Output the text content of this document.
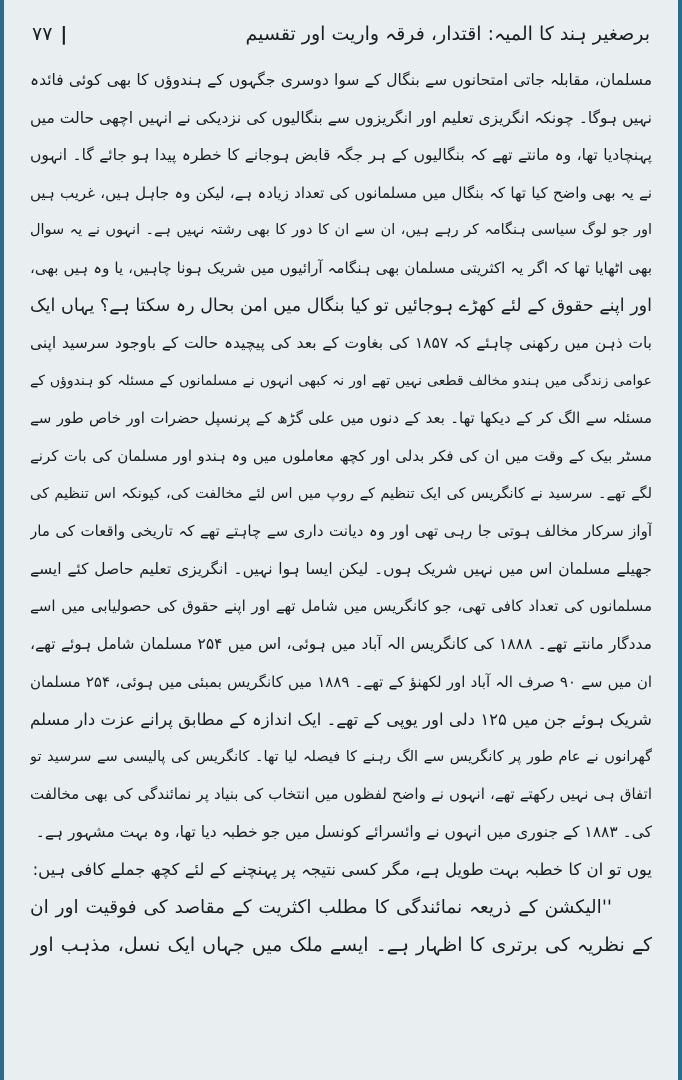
برصغیر ہند کا المیہ: اقتدار، فرقہ واریت اور تقسیم
|
۷۷
مسلمان، مقابلہ جاتی امتحانوں سے بنگال کے سوا دوسری جگہوں کے ہندوؤں کا بھی کوئی فائدہ
نہیں ہوگا۔ چونکہ انگریزی تعلیم اور انگریزوں سے بنگالیوں کی نزدیکی نے انہیں اچھی حالت میں
پہنچادیا تھا، وہ مانتے تھے کہ بنگالیوں کے ہر جگہ قابض ہوجانے کا خطرہ پیدا ہو جائے گا۔ انہوں
نے یہ بھی واضح کیا تھا کہ بنگال میں مسلمانوں کی تعداد زیادہ ہے، لیکن وہ جاہل ہیں، غریب ہیں
اور جو لوگ سیاسی ہنگامہ کر رہے ہیں، ان سے ان کا دور کا بھی رشتہ نہیں ہے۔ انہوں نے یہ سوال
بھی اٹھایا تھا کہ اگر یہ اکثریتی مسلمان بھی ہنگامہ آرائیوں میں شریک ہونا چاہیں، یا وہ ہیں بھی،
اور اپنے حقوق کے لئے کھڑے ہوجائیں تو کیا بنگال میں امن بحال رہ سکتا ہے؟ یہاں ایک
بات ذہن میں رکھنی چاہئے کہ ۱۸۵۷ کی بغاوت کے بعد کی پیچیدہ حالت کے باوجود سرسید اپنی
عوامی زندگی میں ہندو مخالف قطعی نہیں تھے اور نہ کبھی انہوں نے مسلمانوں کے مسئلہ کو ہندوؤں کے
مسئلہ سے الگ کر کے دیکھا تھا۔ بعد کے دنوں میں علی گڑھ کے پرنسپل حضرات اور خاص طور سے
مسٹر بیک کے وقت میں ان کی فکر بدلی اور کچھ معاملوں میں وہ ہندو اور مسلمان کی بات کرنے
لگے تھے۔ سرسید نے کانگریس کی ایک تنظیم کے روپ میں اس لئے مخالفت کی، کیونکہ اس تنظیم کی
آواز سرکار مخالف ہوتی جا رہی تھی اور وہ دیانت داری سے چاہتے تھے کہ تاریخی واقعات کی مار
جھیلے مسلمان اس میں نہیں شریک ہوں۔ لیکن ایسا ہوا نہیں۔ انگریزی تعلیم حاصل کئے ایسے
مسلمانوں کی تعداد کافی تھی، جو کانگریس میں شامل تھے اور اپنے حقوق کی حصولیابی میں اسے
مددگار مانتے تھے۔ ۱۸۸۸ کی کانگریس الہ آباد میں ہوئی، اس میں ۲۵۴ مسلمان شامل ہوئے تھے،
ان میں سے ۹۰ صرف الہ آباد اور لکھنؤ کے تھے۔ ۱۸۸۹ میں کانگریس بمبئی میں ہوئی، ۲۵۴ مسلمان
شریک ہوئے جن میں ۱۲۵ دلی اور یوپی کے تھے۔ ایک اندازہ کے مطابق پرانے عزت دار مسلم
گھرانوں نے عام طور پر کانگریس سے الگ رہنے کا فیصلہ لیا تھا۔ کانگریس کی پالیسی سے سرسید تو
اتفاق ہی نہیں رکھتے تھے، انہوں نے واضح لفظوں میں انتخاب کی بنیاد پر نمائندگی کی بھی مخالفت
کی۔ ۱۸۸۳ کے جنوری میں انہوں نے وائسرائے کونسل میں جو خطبہ دیا تھا، وہ بہت مشہور ہے۔
یوں تو ان کا خطبہ بہت طویل ہے، مگر کسی نتیجہ پر پہنچنے کے لئے کچھ جملے کافی ہیں:
''الیکشن کے ذریعہ نمائندگی کا مطلب اکثریت کے مقاصد کی فوقیت اور ان
کے نظریہ کی برتری کا اظہار ہے۔ ایسے ملک میں جہاں ایک نسل، مذہب اور
